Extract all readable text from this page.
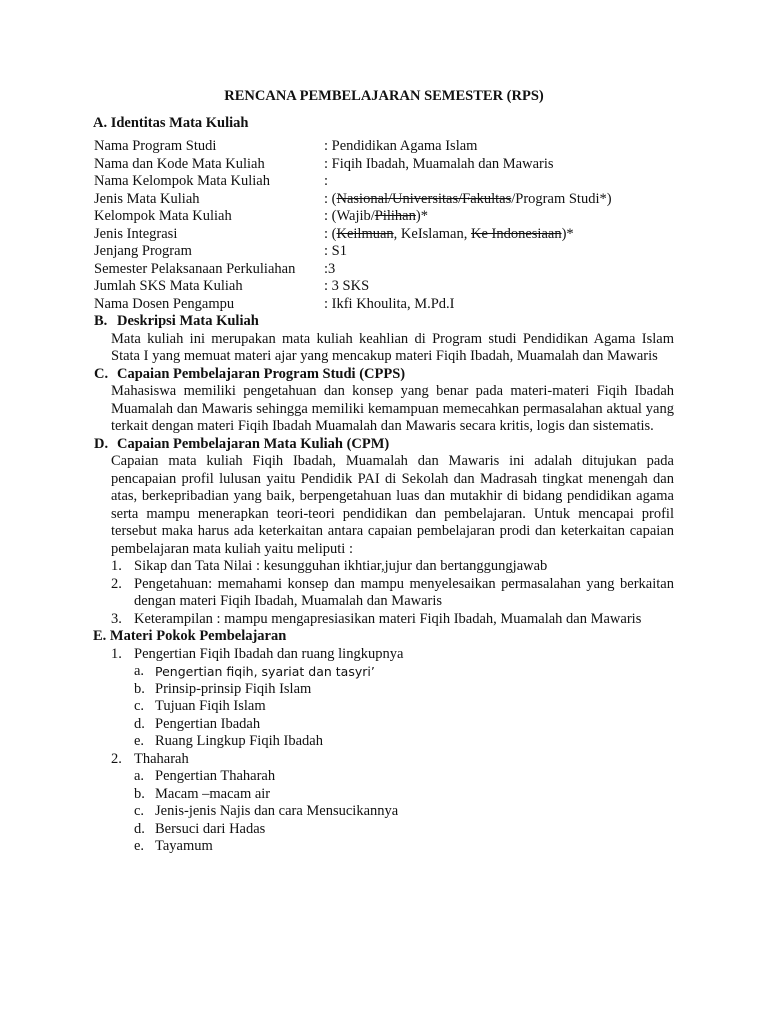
RENCANA PEMBELAJARAN SEMESTER (RPS)
A. Identitas Mata Kuliah
Nama Program Studi	: Pendidikan Agama Islam
Nama dan Kode Mata Kuliah	: Fiqih Ibadah, Muamalah dan Mawaris
Nama Kelompok Mata Kuliah	:
Jenis Mata Kuliah	: (Nasional/Universitas/Fakultas/Program Studi*)
Kelompok Mata Kuliah	: (Wajib/Pilihan)*
Jenis Integrasi	: (Keilmuan, KeIslaman, Ke Indonesiaan)*
Jenjang Program	: S1
Semester Pelaksanaan Perkuliahan	:3
Jumlah SKS Mata Kuliah	: 3 SKS
Nama Dosen Pengampu	: Ikfi Khoulita, M.Pd.I
B. Deskripsi Mata Kuliah
Mata kuliah ini merupakan mata kuliah keahlian di Program studi Pendidikan Agama Islam Stata I yang memuat materi ajar yang mencakup materi Fiqih Ibadah, Muamalah dan Mawaris
C. Capaian Pembelajaran Program Studi (CPPS)
Mahasiswa memiliki pengetahuan dan konsep yang benar pada materi-materi Fiqih Ibadah Muamalah dan Mawaris sehingga memiliki kemampuan memecahkan permasalahan aktual yang terkait dengan materi Fiqih Ibadah Muamalah dan Mawaris secara kritis, logis dan sistematis.
D. Capaian Pembelajaran Mata Kuliah (CPM)
Capaian mata kuliah Fiqih Ibadah, Muamalah dan Mawaris ini adalah ditujukan pada pencapaian profil lulusan yaitu Pendidik PAI di Sekolah dan Madrasah tingkat menengah dan atas, berkepribadian yang baik, berpengetahuan luas dan mutakhir di bidang pendidikan agama serta mampu menerapkan teori-teori pendidikan dan pembelajaran. Untuk mencapai profil tersebut maka harus ada keterkaitan antara capaian pembelajaran prodi dan keterkaitan capaian pembelajaran mata kuliah yaitu meliputi :
1. Sikap dan Tata Nilai : kesungguhan ikhtiar,jujur dan bertanggungjawab
2. Pengetahuan: memahami konsep dan mampu menyelesaikan permasalahan yang berkaitan dengan materi Fiqih Ibadah, Muamalah dan Mawaris
3. Keterampilan : mampu mengapresiasikan materi Fiqih Ibadah, Muamalah dan Mawaris
E. Materi Pokok Pembelajaran
1. Pengertian Fiqih Ibadah dan ruang lingkupnya
a. Pengertian fiqih, syariat dan tasyri’
b. Prinsip-prinsip Fiqih Islam
c. Tujuan Fiqih Islam
d. Pengertian Ibadah
e. Ruang Lingkup Fiqih Ibadah
2. Thaharah
a. Pengertian Thaharah
b. Macam –macam air
c. Jenis-jenis Najis dan cara Mensucikannya
d. Bersuci dari Hadas
e. Tayamum
